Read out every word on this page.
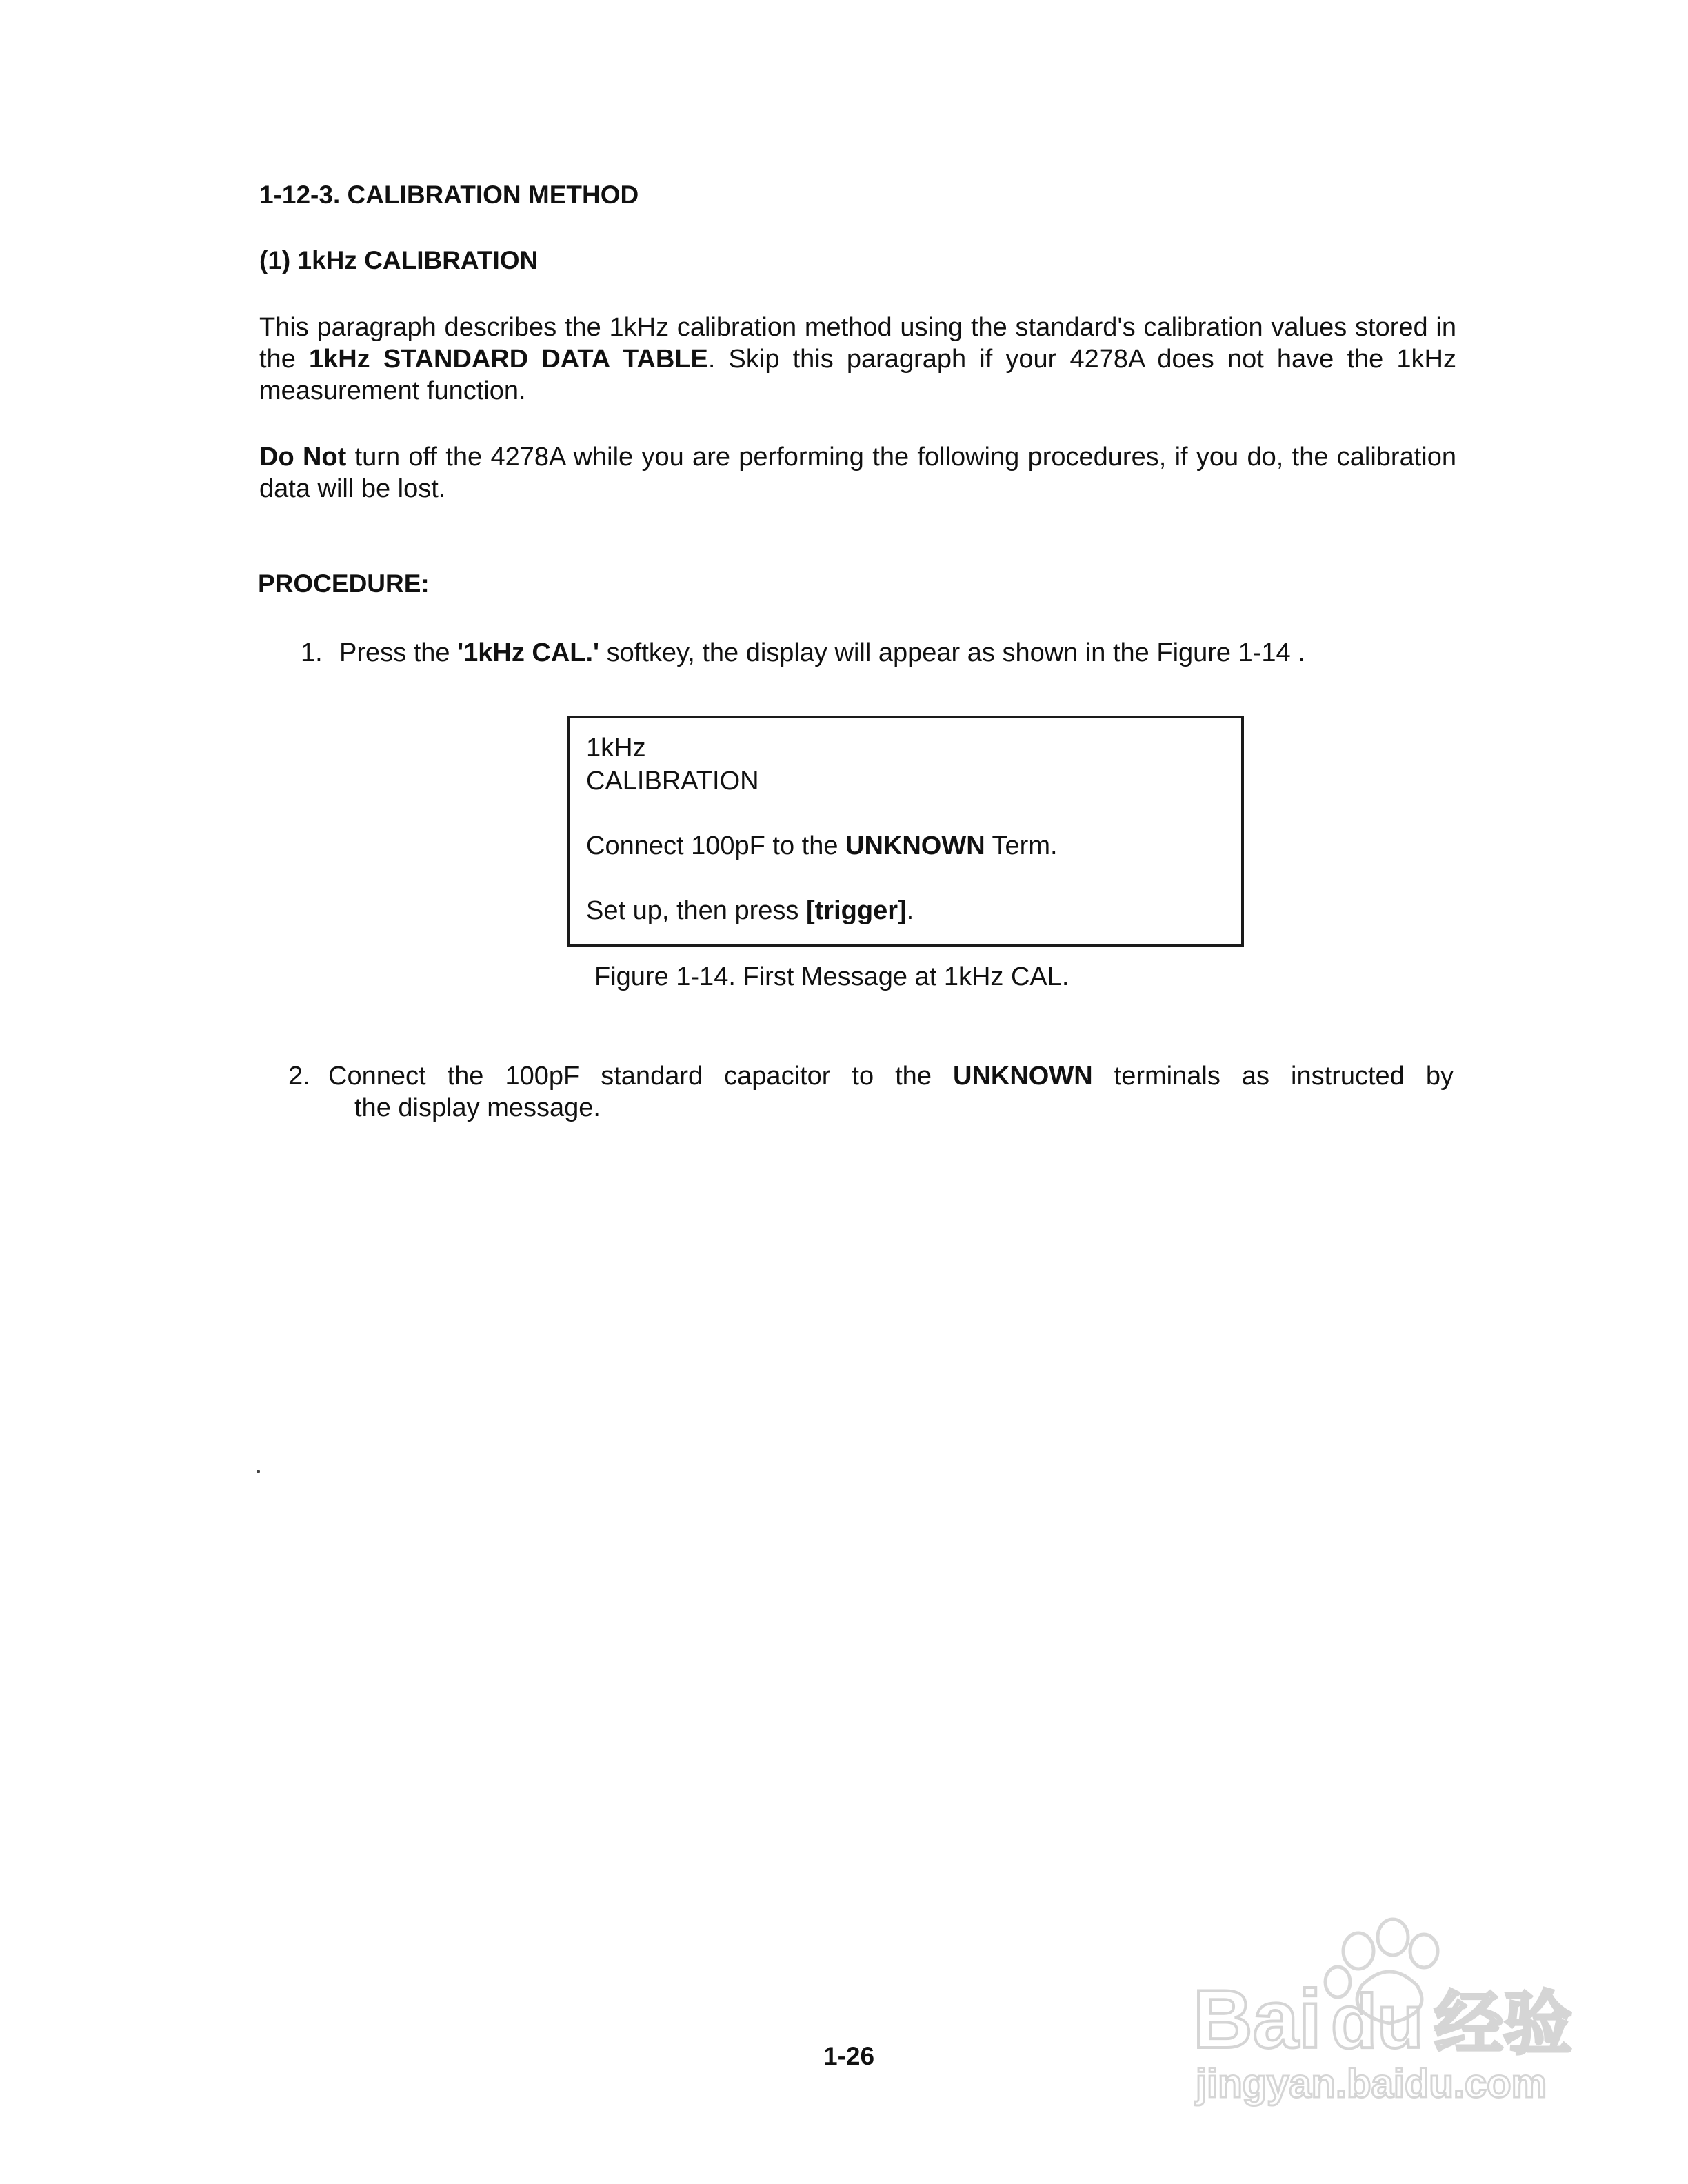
1-12-3. CALIBRATION METHOD
(1) 1kHz CALIBRATION
This paragraph describes the 1kHz calibration method using the standard's calibration values stored in the 1kHz STANDARD DATA TABLE. Skip this paragraph if your 4278A does not have the 1kHz measurement function.
Do Not turn off the 4278A while you are performing the following procedures, if you do, the calibration data will be lost.
PROCEDURE:
1. Press the '1kHz CAL.' softkey, the display will appear as shown in the Figure 1-14 .
1kHz
CALIBRATION
Connect 100pF to the UNKNOWN Term.
Set up, then press [trigger].
Figure 1-14. First Message at 1kHz CAL.
2. Connect the 100pF standard capacitor to the UNKNOWN terminals as instructed by
the display message.
1-26	Bai du 经验
jingyan.baidu.com
